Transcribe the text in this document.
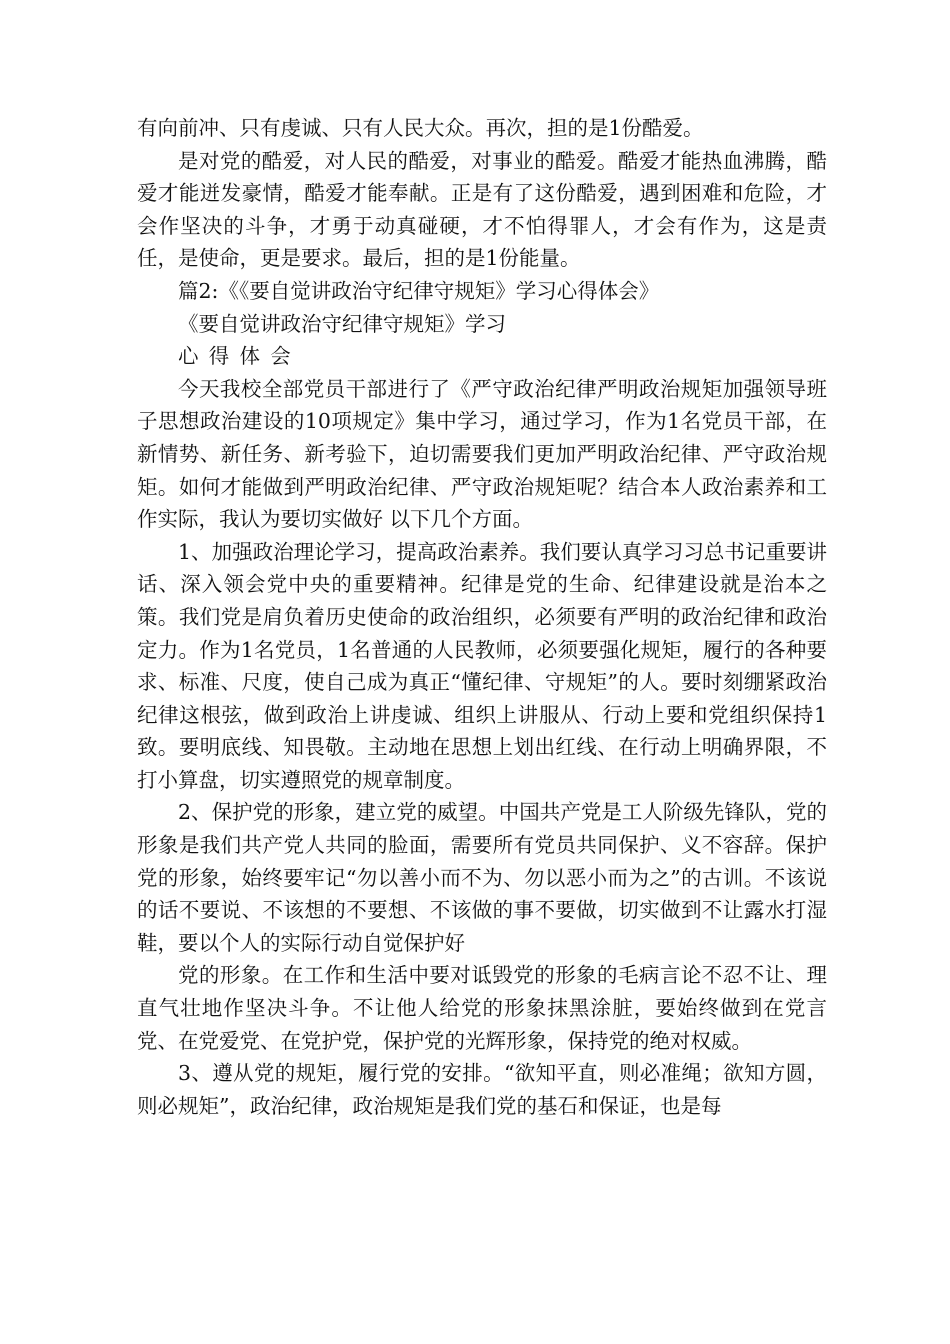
有向前冲、只有虔诚、只有人民大众。再次，担的是1份酷爱。

是对党的酷爱，对人民的酷爱，对事业的酷爱。酷爱才能热血沸腾，酷爱才能迸发豪情，酷爱才能奉献。正是有了这份酷爱，遇到困难和危险，才会作坚决的斗争，才勇于动真碰硬，才不怕得罪人，才会有作为，这是责任，是使命，更是要求。最后，担的是1份能量。

篇2:《《要自觉讲政治守纪律守规矩》学习心得体会》

《要自觉讲政治守纪律守规矩》学习

心得体会

今天我校全部党员干部进行了《严守政治纪律严明政治规矩加强领导班子思想政治建设的10项规定》集中学习，通过学习，作为1名党员干部，在新情势、新任务、新考验下，迫切需要我们更加严明政治纪律、严守政治规矩。如何才能做到严明政治纪律、严守政治规矩呢？结合本人政治素养和工作实际，我认为要切实做好 以下几个方面。

1、加强政治理论学习，提高政治素养。我们要认真学习习总书记重要讲话、深入领会党中央的重要精神。纪律是党的生命、纪律建设就是治本之策。我们党是肩负着历史使命的政治组织，必须要有严明的政治纪律和政治定力。作为1名党员，1名普通的人民教师，必须要强化规矩，履行的各种要求、标准、尺度，使自己成为真正“懂纪律、守规矩”的人。要时刻绷紧政治纪律这根弦，做到政治上讲虔诚、组织上讲服从、行动上要和党组织保持1致。要明底线、知畏敬。主动地在思想上划出红线、在行动上明确界限，不打小算盘，切实遵照党的规章制度。

2、保护党的形象，建立党的威望。中国共产党是工人阶级先锋队，党的形象是我们共产党人共同的脸面，需要所有党员共同保护、义不容辞。保护党的形象，始终要牢记“勿以善小而不为、勿以恶小而为之”的古训。不该说的话不要说、不该想的不要想、不该做的事不要做，切实做到不让露水打湿鞋，要以个人的实际行动自觉保护好

党的形象。在工作和生活中要对诋毁党的形象的毛病言论不忍不让、理直气壮地作坚决斗争。不让他人给党的形象抹黑涂脏，要始终做到在党言党、在党爱党、在党护党，保护党的光辉形象，保持党的绝对权威。

3、遵从党的规矩，履行党的安排。“欲知平直，则必准绳；欲知方圆，则必规矩”，政治纪律，政治规矩是我们党的基石和保证，也是每
